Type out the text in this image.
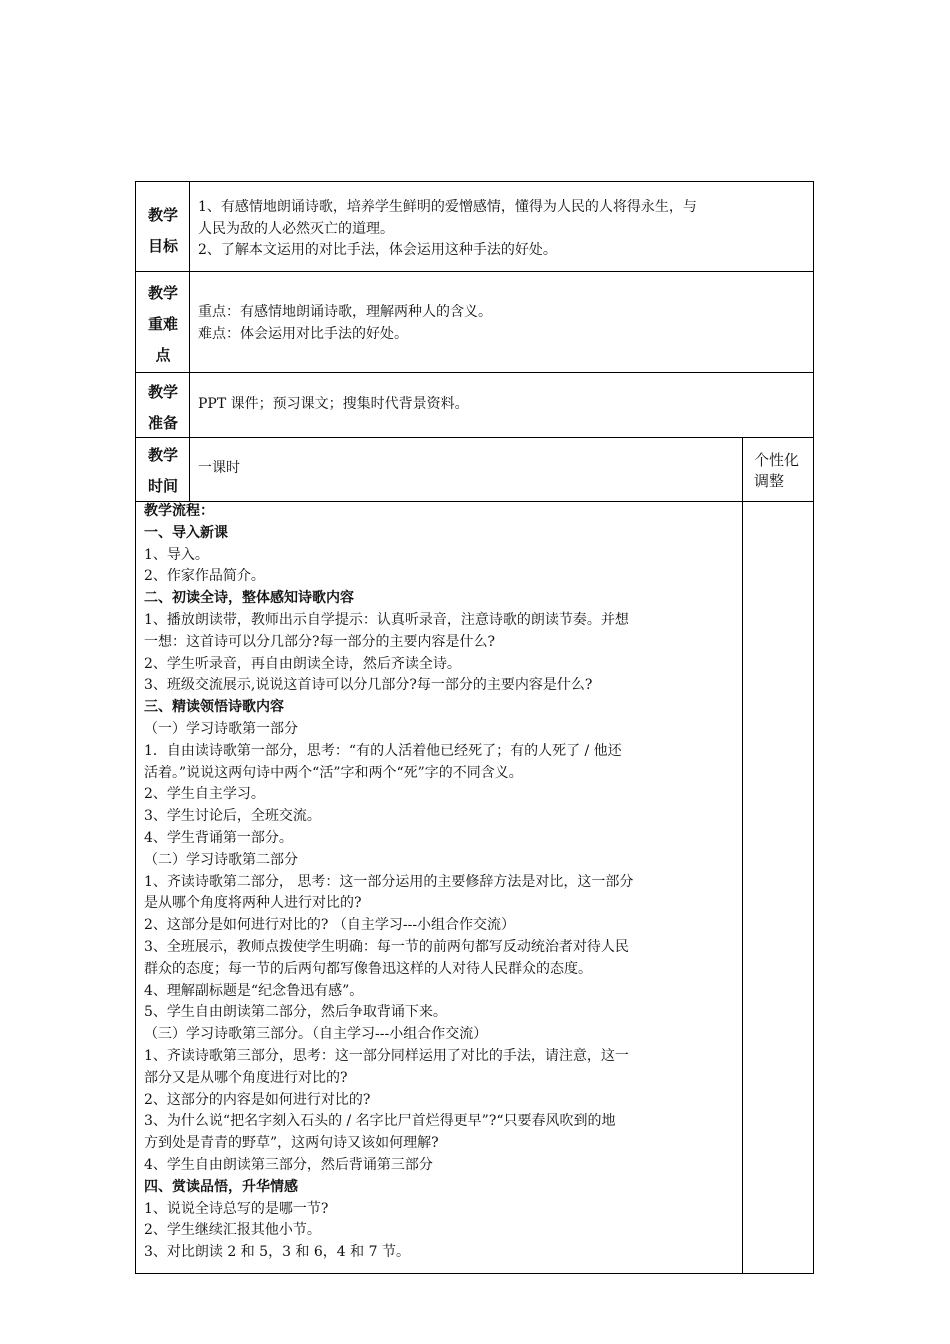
教学
目标
1、有感情地朗诵诗歌，培养学生鲜明的爱憎感情，懂得为人民的人将得永生，与
人民为敌的人必然灭亡的道理。
2、了解本文运用的对比手法，体会运用这种手法的好处。
教学
重难
点
重点：有感情地朗诵诗歌，理解两种人的含义。
难点：体会运用对比手法的好处。
教学
准备
PPT 课件；预习课文；搜集时代背景资料。
教学
时间
一课时	个性化
调整
教学流程：
一、导入新课
1、导入。
2、作家作品简介。
二、初读全诗，整体感知诗歌内容
1、播放朗读带，教师出示自学提示：认真听录音，注意诗歌的朗读节奏。并想
一想：这首诗可以分几部分?每一部分的主要内容是什么?
2、学生听录音，再自由朗读全诗，然后齐读全诗。
3、班级交流展示,说说这首诗可以分几部分?每一部分的主要内容是什么?
三、精读领悟诗歌内容
（一）学习诗歌第一部分
1．自由读诗歌第一部分，思考：“有的人活着他已经死了；有的人死了 / 他还
活着。”说说这两句诗中两个“活”字和两个“死”字的不同含义。
2、学生自主学习。
3、学生讨论后，全班交流。
4、学生背诵第一部分。
（二）学习诗歌第二部分
1、齐读诗歌第二部分， 思考：这一部分运用的主要修辞方法是对比，这一部分
是从哪个角度将两种人进行对比的?
2、这部分是如何进行对比的? （自主学习---小组合作交流）
3、全班展示，教师点拨使学生明确：每一节的前两句都写反动统治者对待人民
群众的态度；每一节的后两句都写像鲁迅这样的人对待人民群众的态度。
4、理解副标题是“纪念鲁迅有感”。
5、学生自由朗读第二部分，然后争取背诵下来。
（三）学习诗歌第三部分。（自主学习---小组合作交流）
1、齐读诗歌第三部分，思考：这一部分同样运用了对比的手法，请注意，这一
部分又是从哪个角度进行对比的?
2、这部分的内容是如何进行对比的?
3、为什么说“把名字刻入石头的 / 名字比尸首烂得更早”?“只要春风吹到的地
方到处是青青的野草”，这两句诗又该如何理解?
4、学生自由朗读第三部分，然后背诵第三部分
四、赏读品悟，升华情感
1、说说全诗总写的是哪一节?
2、学生继续汇报其他小节。
3、对比朗读 2 和 5，3 和 6，4 和 7 节。
